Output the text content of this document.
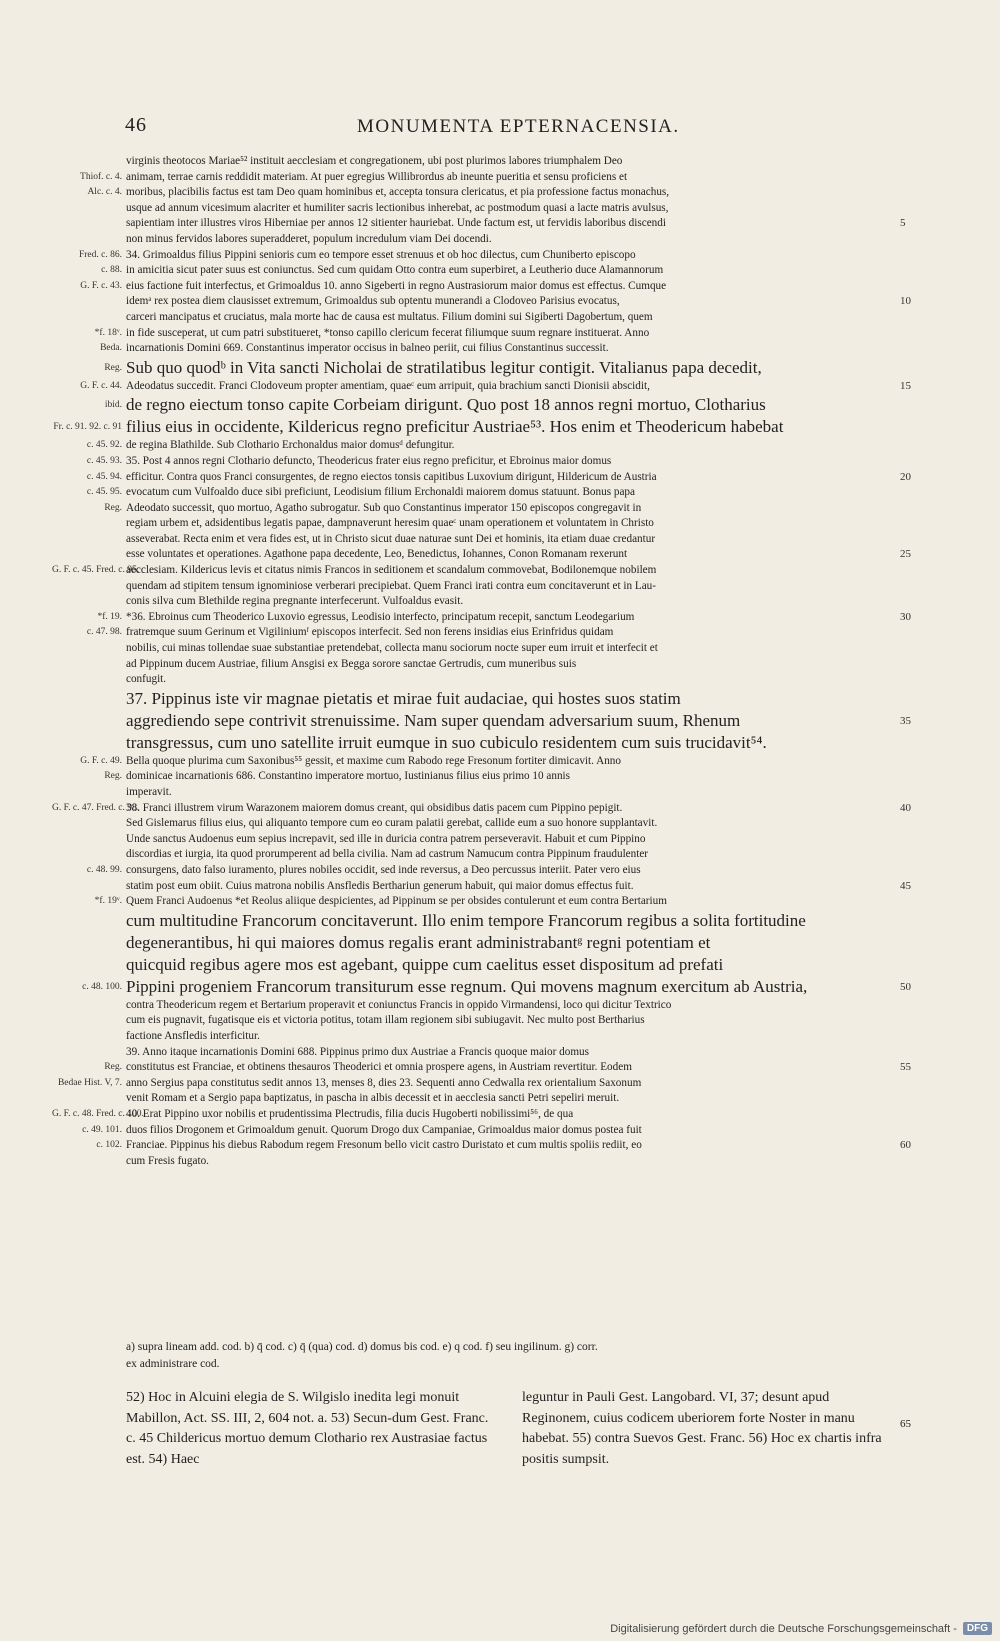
46	MONUMENTA EPTERNACENSIA.
Thiof. c. 4.
Alc. c. 4.
Fred. c. 86.
c. 88.
G. F. c. 43.
*f. 18ᵛ.
Beda.
Reg.
G. F. c. 44.
ibid.
Fr. c. 91. 92. c. 91
c. 45. 92.
c. 45. 93.
c. 45. 94.
c. 45. 95.
Reg.
G. F. c. 45. Fred. c. 95.
*f. 19.
c. 47. 98.
G. F. c. 49.
Reg.
G. F. c. 47. Fred. c. 98.
c. 48. 99.
*f. 19ᵛ.
c. 48. 100.
Reg.
Bedae Hist. V, 7.
G. F. c. 48. Fred. c. 100.
c. 49. 101.
c. 102.
virginis theotocos Mariae⁵² instituit aecclesiam et congregationem, ubi post plurimos labores triumphalem Deo
animam, terrae carnis reddidit materiam. At puer egregius Willibrordus ab ineunte pueritia et sensu proficiens et
moribus, placibilis factus est tam Deo quam hominibus et, accepta tonsura clericatus, et pia professione factus monachus,
usque ad annum vicesimum alacriter et humiliter sacris lectionibus inherebat, ac postmodum quasi a lacte matris avulsus,
sapientiam inter illustres viros Hiberniae per annos 12 sitienter hauriebat. Unde factum est, ut fervidis laboribus discendi
non minus fervidos labores superadderet, populum incredulum viam Dei docendi.
34. Grimoaldus filius Pippini senioris cum eo tempore esset strenuus et ob hoc dilectus, cum Chuniberto episcopo
in amicitia sicut pater suus est coniunctus. Sed cum quidam Otto contra eum superbiret, a Leutherio duce Alamannorum
eius factione fuit interfectus, et Grimoaldus 10. anno Sigeberti in regno Austrasiorum maior domus est effectus. Cumque
idemᵃ rex postea diem clausisset extremum, Grimoaldus sub optentu munerandi a Clodoveo Parisius evocatus,
carceri mancipatus et cruciatus, mala morte hac de causa est multatus. Filium domini sui Sigiberti Dagobertum, quem
in fide susceperat, ut cum patri substitueret, *tonso capillo clericum fecerat filiumque suum regnare instituerat. Anno
incarnationis Domini 669. Constantinus imperator occisus in balneo periit, cui filius Constantinus successit.
Sub quo quodᵇ in Vita sancti Nicholai de stratilatibus legitur contigit. Vitalianus papa decedit,
Adeodatus succedit. Franci Clodoveum propter amentiam, quaeᶜ eum arripuit, quia brachium sancti Dionisii abscidit,
de regno eiectum tonso capite Corbeiam dirigunt. Quo post 18 annos regni mortuo, Clotharius
filius eius in occidente, Kildericus regno preficitur Austriae⁵³. Hos enim et Theodericum habebat
de regina Blathilde. Sub Clothario Erchonaldus maior domusᵈ defungitur.
35. Post 4 annos regni Clothario defuncto, Theodericus frater eius regno preficitur, et Ebroinus maior domus
efficitur. Contra quos Franci consurgentes, de regno eiectos tonsis capitibus Luxovium dirigunt, Hildericum de Austria
evocatum cum Vulfoaldo duce sibi preficiunt, Leodisium filium Erchonaldi maiorem domus statuunt. Bonus papa
Adeodato successit, quo mortuo, Agatho subrogatur. Sub quo Constantinus imperator 150 episcopos congregavit in
regiam urbem et, adsidentibus legatis papae, dampnaverunt heresim quaeᶜ unam operationem et voluntatem in Christo
asseverabat. Recta enim et vera fides est, ut in Christo sicut duae naturae sunt Dei et hominis, ita etiam duae credantur
esse voluntates et operationes. Agathone papa decedente, Leo, Benedictus, Iohannes, Conon Romanam rexerunt
aecclesiam. Kildericus levis et citatus nimis Francos in seditionem et scandalum commovebat, Bodilonemque nobilem
quendam ad stipitem tensum ignominiose verberari precipiebat. Quem Franci irati contra eum concitaverunt et in Lau-
conis silva cum Blethilde regina pregnante interfecerunt. Vulfoaldus evasit.
*36. Ebroinus cum Theoderico Luxovio egressus, Leodisio interfecto, principatum recepit, sanctum Leodegarium
fratremque suum Gerinum et Vigiliniumᶠ episcopos interfecit. Sed non ferens insidias eius Erinfridus quidam
nobilis, cui minas tollendae suae substantiae pretendebat, collecta manu sociorum nocte super eum irruit et interfecit et
ad Pippinum ducem Austriae, filium Ansgisi ex Begga sorore sanctae Gertrudis, cum muneribus suis
confugit.
37. Pippinus iste vir magnae pietatis et mirae fuit audaciae, qui hostes suos statim
aggrediendo sepe contrivit strenuissime. Nam super quendam adversarium suum, Rhenum
transgressus, cum uno satellite irruit eumque in suo cubiculo residentem cum suis trucidavit⁵⁴.
Bella quoque plurima cum Saxonibus⁵⁵ gessit, et maxime cum Rabodo rege Fresonum fortiter dimicavit. Anno
dominicae incarnationis 686. Constantino imperatore mortuo, Iustinianus filius eius primo 10 annis
imperavit.
38. Franci illustrem virum Warazonem maiorem domus creant, qui obsidibus datis pacem cum Pippino pepigit.
Sed Gislemarus filius eius, qui aliquanto tempore cum eo curam palatii gerebat, callide eum a suo honore supplantavit.
Unde sanctus Audoenus eum sepius increpavit, sed ille in duricia contra patrem perseveravit. Habuit et cum Pippino
discordias et iurgia, ita quod prorumperent ad bella civilia. Nam ad castrum Namucum contra Pippinum fraudulenter
consurgens, dato falso iuramento, plures nobiles occidit, sed inde reversus, a Deo percussus interiit. Pater vero eius
statim post eum obiit. Cuius matrona nobilis Ansfledis Berthariun generum habuit, qui maior domus effectus fuit.
Quem Franci Audoenus *et Reolus aliique despicientes, ad Pippinum se per obsides contulerunt et eum contra Bertarium
cum multitudine Francorum concitaverunt. Illo enim tempore Francorum regibus a solita fortitudine
degenerantibus, hi qui maiores domus regalis erant administrabantᵍ regni potentiam et
quicquid regibus agere mos est agebant, quippe cum caelitus esset dispositum ad prefati
Pippini progeniem Francorum transiturum esse regnum. Qui movens magnum exercitum ab Austria,
contra Theodericum regem et Bertarium properavit et coniunctus Francis in oppido Virmandensi, loco qui dicitur Textrico
cum eis pugnavit, fugatisque eis et victoria potitus, totam illam regionem sibi subiugavit. Nec multo post Bertharius
factione Ansfledis interficitur.
39. Anno itaque incarnationis Domini 688. Pippinus primo dux Austriae a Francis quoque maior domus
constitutus est Franciae, et obtinens thesauros Theoderici et omnia prospere agens, in Austriam revertitur. Eodem
anno Sergius papa constitutus sedit annos 13, menses 8, dies 23. Sequenti anno Cedwalla rex orientalium Saxonum
venit Romam et a Sergio papa baptizatus, in pascha in albis decessit et in aecclesia sancti Petri sepeliri meruit.
40. Erat Pippino uxor nobilis et prudentissima Plectrudis, filia ducis Hugoberti nobilissimi⁵⁶, de qua
duos filios Drogonem et Grimoaldum genuit. Quorum Drogo dux Campaniae, Grimoaldus maior domus postea fuit
Franciae. Pippinus his diebus Rabodum regem Fresonum bello vicit castro Duristato et cum multis spoliis rediit, eo
cum Fresis fugato.
5
10
15
20
25
30
35
40
45
50
55
60
a) supra lineam add. cod. b) q̄ cod. c) q̄ (qua) cod. d) domus bis cod. e) q cod. f) seu ingilinum. g) corr.
ex administrare cod.

52) Hoc in Alcuini elegia de S. Wilgislo inedita legi monuit Mabillon, Act. SS. III, 2, 604 not. a. 53) Secun-dum Gest. Franc. c. 45 Childericus mortuo demum Clothario rex Austrasiae factus est. 54) Haec

leguntur in Pauli Gest. Langobard. VI, 37; desunt apud Reginonem, cuius codicem uberiorem forte Noster in manu habebat. 55) contra Suevos Gest. Franc. 56) Hoc ex chartis infra positis sumpsit.

65
Digitalisierung gefördert durch die Deutsche Forschungsgemeinschaft -	DFG
